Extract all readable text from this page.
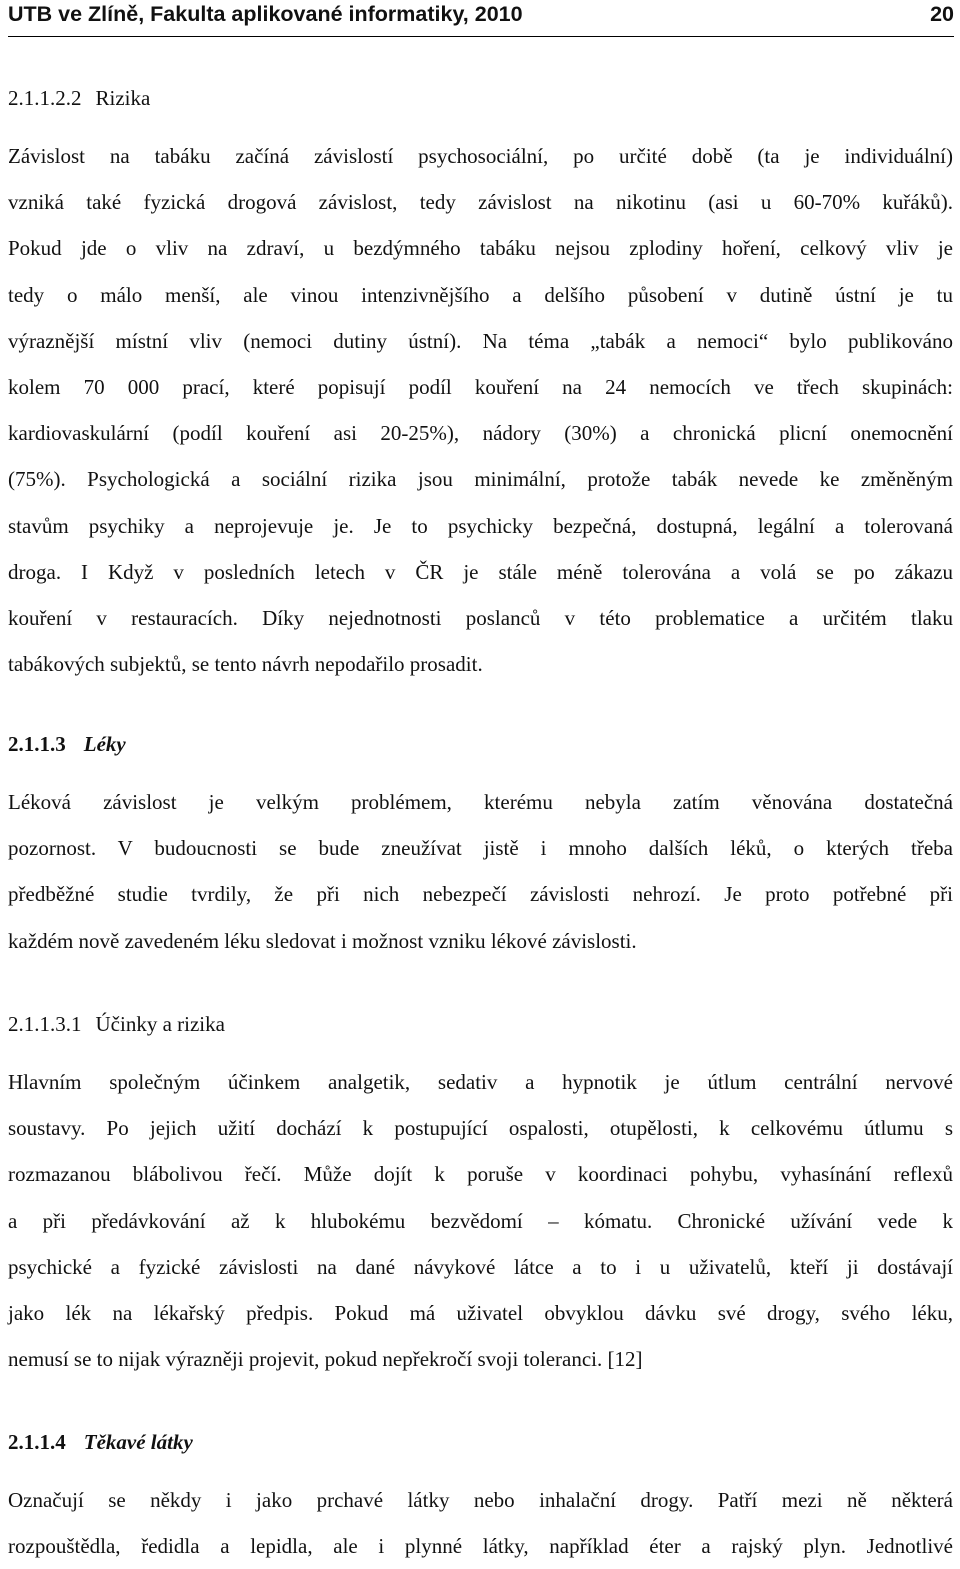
UTB ve Zlíně, Fakulta aplikované informatiky, 2010	20
2.1.1.2.2 Rizika
Závislost na tabáku začíná závislostí psychosociální, po určité době (ta je individuální)
vzniká také fyzická drogová závislost, tedy závislost na nikotinu (asi u 60-70% kuřáků).
Pokud jde o vliv na zdraví, u bezdýmného tabáku nejsou zplodiny hoření, celkový vliv je
tedy o málo menší, ale vinou intenzivnějšího a delšího působení v dutině ústní je tu
výraznější místní vliv (nemoci dutiny ústní). Na téma „tabák a nemoci“ bylo publikováno
kolem 70 000 prací, které popisují podíl kouření na 24 nemocích ve třech skupinách:
kardiovaskulární (podíl kouření asi 20-25%), nádory (30%) a chronická plicní onemocnění
(75%). Psychologická a sociální rizika jsou minimální, protože tabák nevede ke změněným
stavům psychiky a neprojevuje je. Je to psychicky bezpečná, dostupná, legální a tolerovaná
droga. I Když v posledních letech v ČR je stále méně tolerována a volá se po zákazu
kouření v restauracích. Díky nejednotnosti poslanců v této problematice a určitém tlaku
tabákových subjektů, se tento návrh nepodařilo prosadit.
2.1.1.3 Léky
Léková závislost je velkým problémem, kterému nebyla zatím věnována dostatečná
pozornost. V budoucnosti se bude zneužívat jistě i mnoho dalších léků, o kterých třeba
předběžné studie tvrdily, že při nich nebezpečí závislosti nehrozí. Je proto potřebné při
každém nově zavedeném léku sledovat i možnost vzniku lékové závislosti.
2.1.1.3.1 Účinky a rizika
Hlavním společným účinkem analgetik, sedativ a hypnotik je útlum centrální nervové
soustavy. Po jejich užití dochází k postupující ospalosti, otupělosti, k celkovému útlumu s
rozmazanou blábolivou řečí. Může dojít k poruše v koordinaci pohybu, vyhasínání reflexů
a při předávkování až k hlubokému bezvědomí – kómatu. Chronické užívání vede k
psychické a fyzické závislosti na dané návykové látce a to i u uživatelů, kteří ji dostávají
jako lék na lékařský předpis. Pokud má uživatel obvyklou dávku své drogy, svého léku,
nemusí se to nijak výrazněji projevit, pokud nepřekročí svoji toleranci. [12]
2.1.1.4 Těkavé látky
Označují se někdy i jako prchavé látky nebo inhalační drogy. Patří mezi ně některá
rozpouštědla, ředidla a lepidla, ale i plynné látky, například éter a rajský plyn. Jednotlivé
